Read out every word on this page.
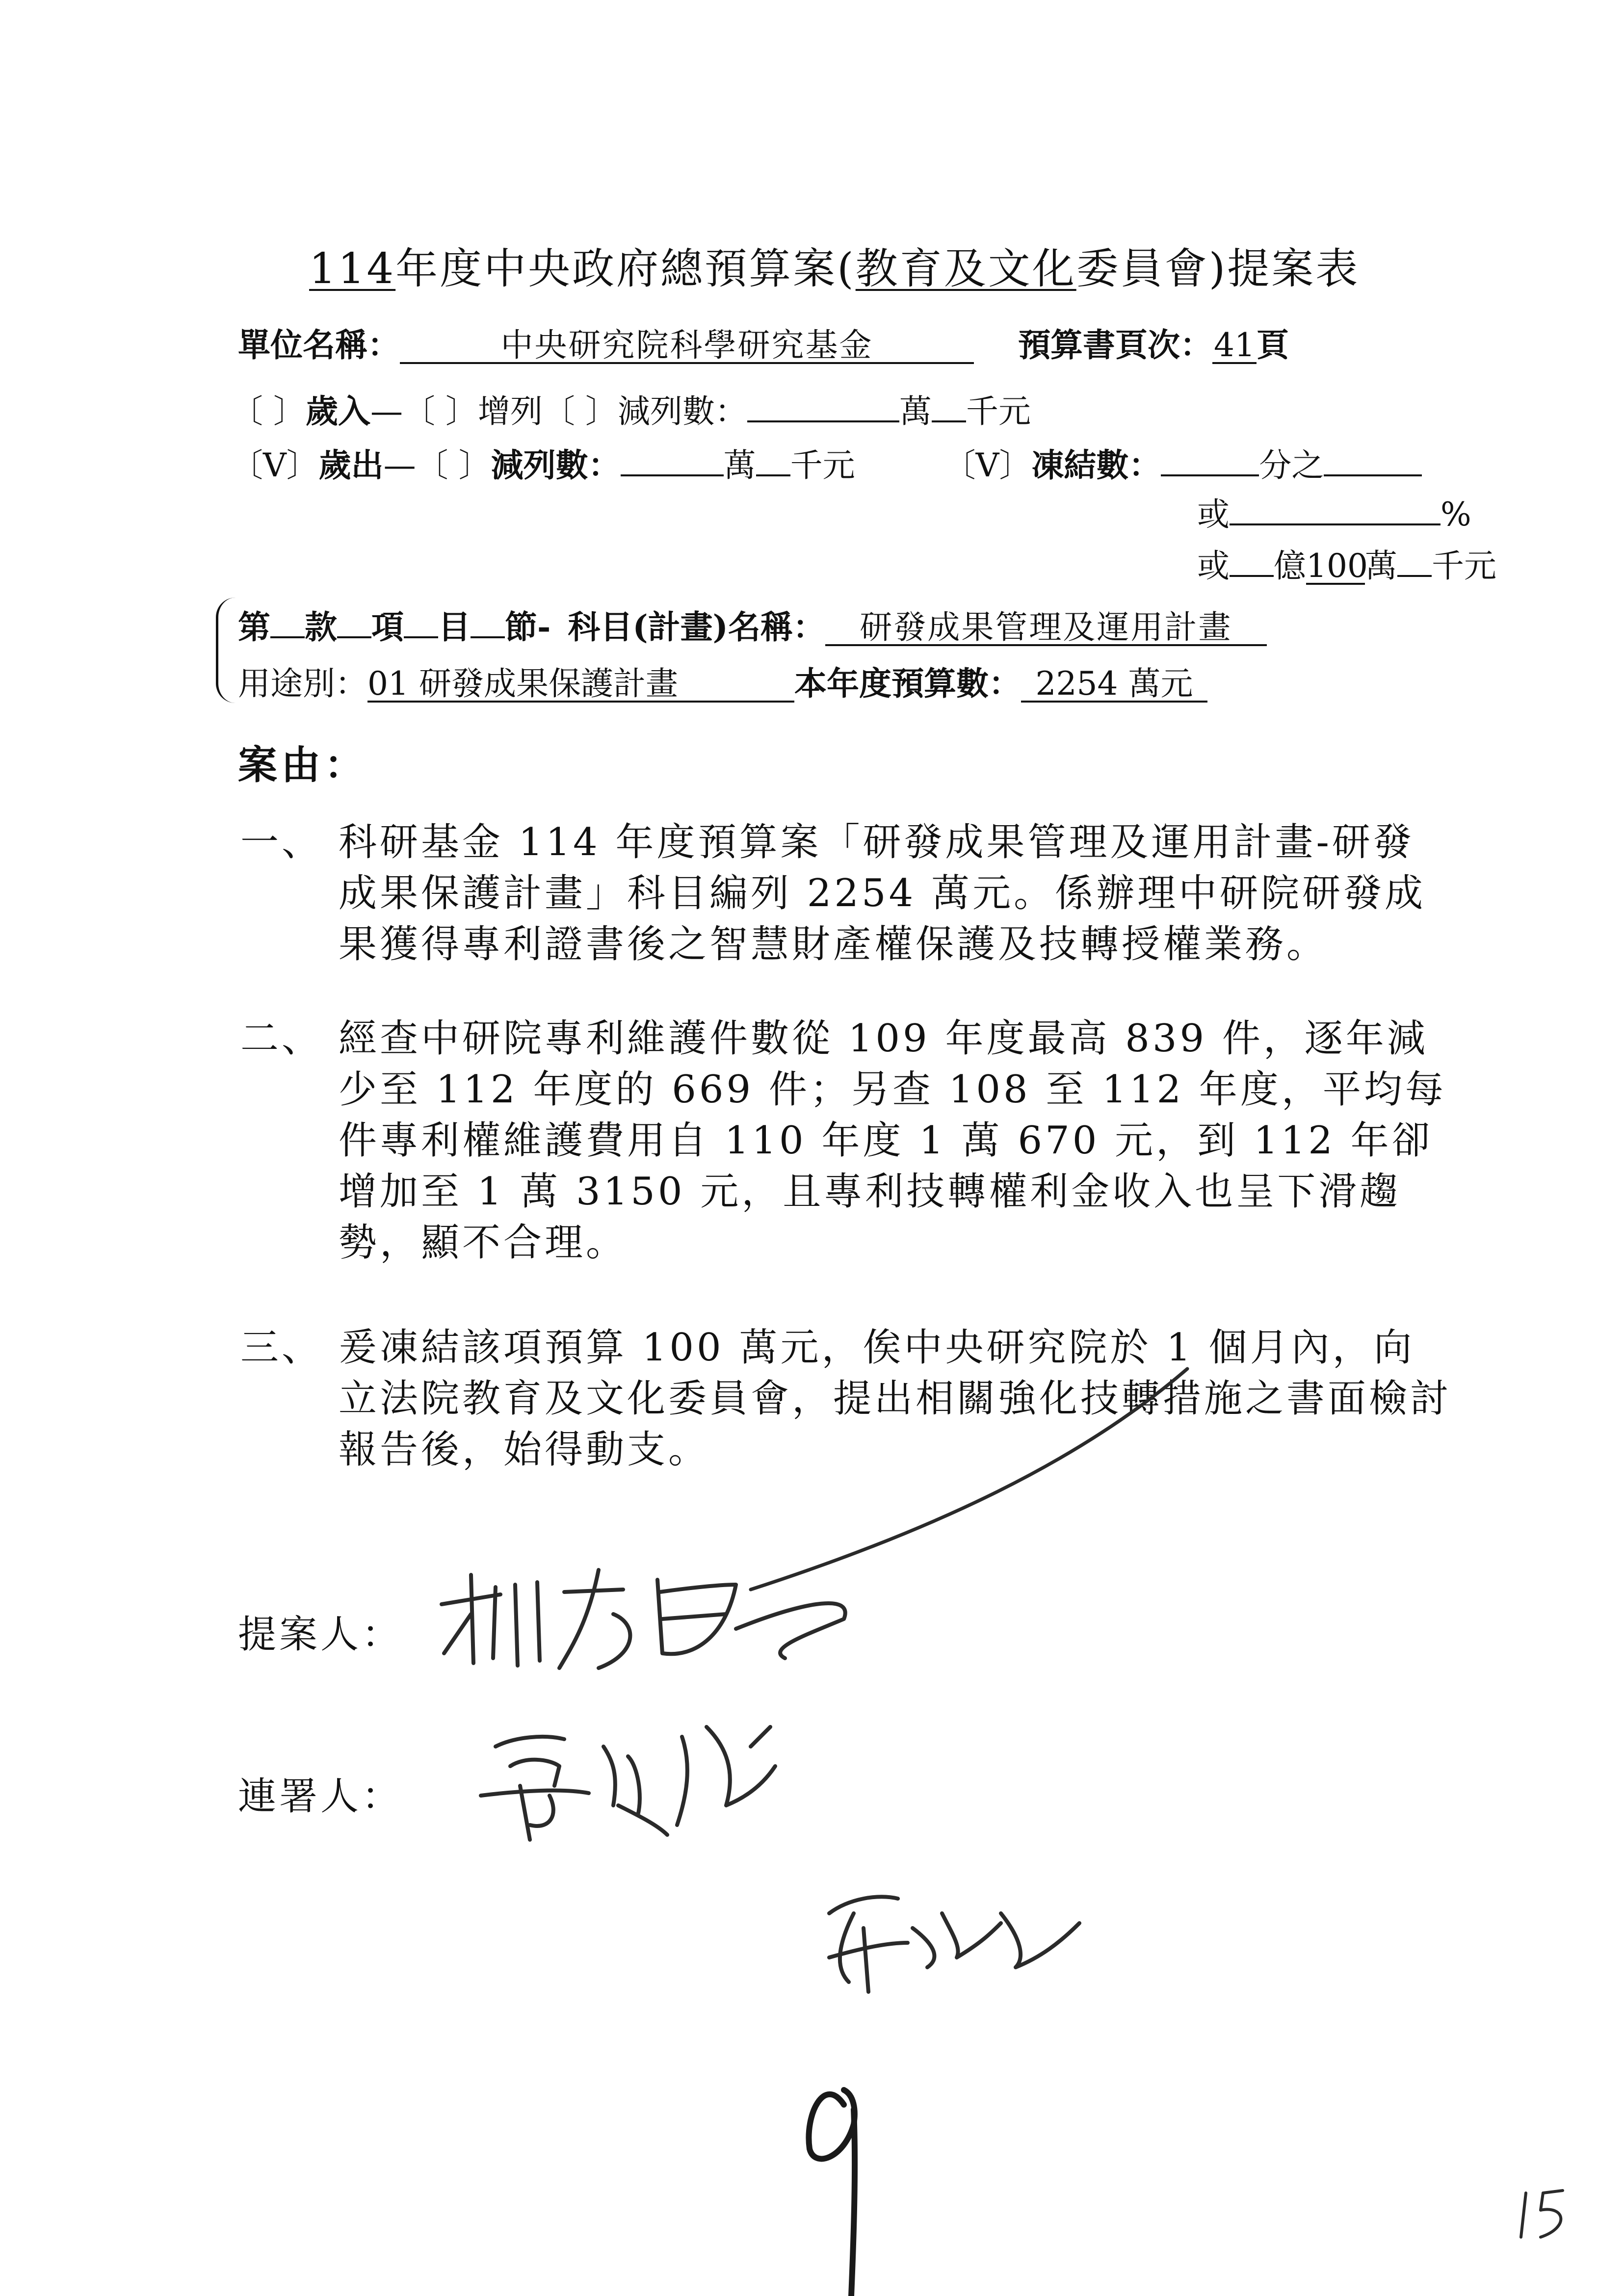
114年度中央政府總預算案(教育及文化委員會)提案表
單位名稱：	中央研究院科學研究基金	預算書頁次：41頁
〔 〕歲入—〔 〕增列〔 〕減列數：	萬 千元
〔V〕歲出—〔 〕減列數：	萬 千元	〔V〕凍結數：	分之
或	%
或 億100萬 千元
第 款 項 目 節- 科目(計畫)名稱： 研發成果管理及運用計畫
用途別：01 研發成果保護計畫	本年度預算數： 2254 萬元
案由：
一、 科研基金 114 年度預算案「研發成果管理及運用計畫-研發成果保護計畫」科目編列 2254 萬元。係辦理中研院研發成果獲得專利證書後之智慧財產權保護及技轉授權業務。
二、 經查中研院專利維護件數從 109 年度最高 839 件，逐年減少至 112 年度的 669 件；另查 108 至 112 年度，平均每件專利權維護費用自 110 年度 1 萬 670 元，到 112 年卻增加至 1 萬 3150 元，且專利技轉權利金收入也呈下滑趨勢，顯不合理。
三、 爰凍結該項預算 100 萬元，俟中央研究院於 1 個月內，向立法院教育及文化委員會，提出相關強化技轉措施之書面檢討報告後，始得動支。
提案人：
連署人：
